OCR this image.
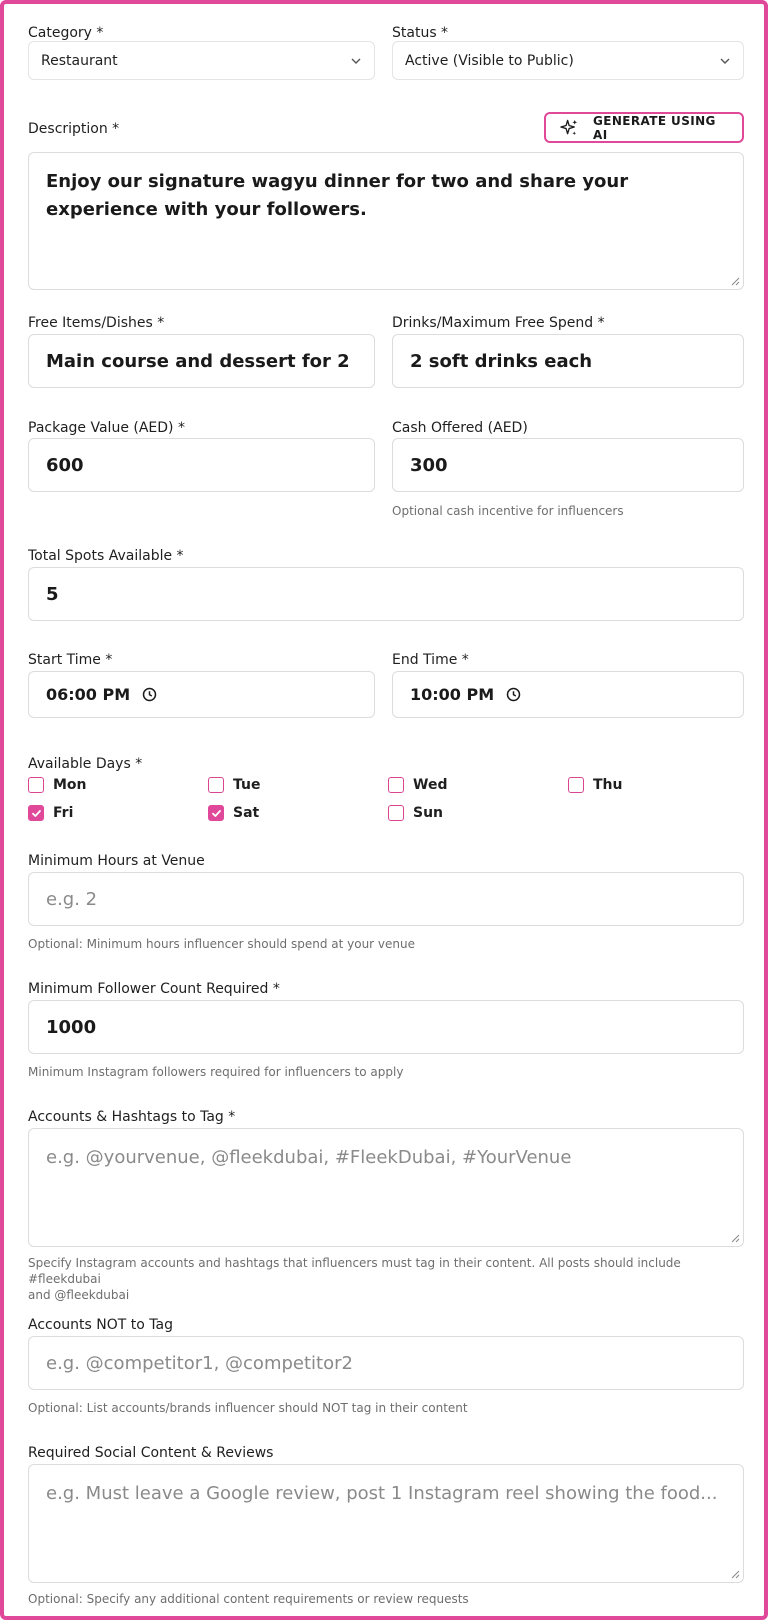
Category *
Restaurant
Status *
Active (Visible to Public)
Description *
GENERATE USING AI
Enjoy our signature wagyu dinner for two and share your experience with your followers.
Free Items/Dishes *
Main course and dessert for 2
Drinks/Maximum Free Spend *
2 soft drinks each
Package Value (AED) *
600
Cash Offered (AED)
300
Optional cash incentive for influencers
Total Spots Available *
5
Start Time *
06:00 PM
End Time *
10:00 PM
Available Days *
Mon	Tue	Wed	Thu
Fri	Sat	Sun
Minimum Hours at Venue
e.g. 2
Optional: Minimum hours influencer should spend at your venue
Minimum Follower Count Required *
1000
Minimum Instagram followers required for influencers to apply
Accounts & Hashtags to Tag *
e.g. @yourvenue, @fleekdubai, #FleekDubai, #YourVenue
Specify Instagram accounts and hashtags that influencers must tag in their content. All posts should include #fleekdubai
and @fleekdubai
Accounts NOT to Tag
e.g. @competitor1, @competitor2
Optional: List accounts/brands influencer should NOT tag in their content
Required Social Content & Reviews
e.g. Must leave a Google review, post 1 Instagram reel showing the food...
Optional: Specify any additional content requirements or review requests
